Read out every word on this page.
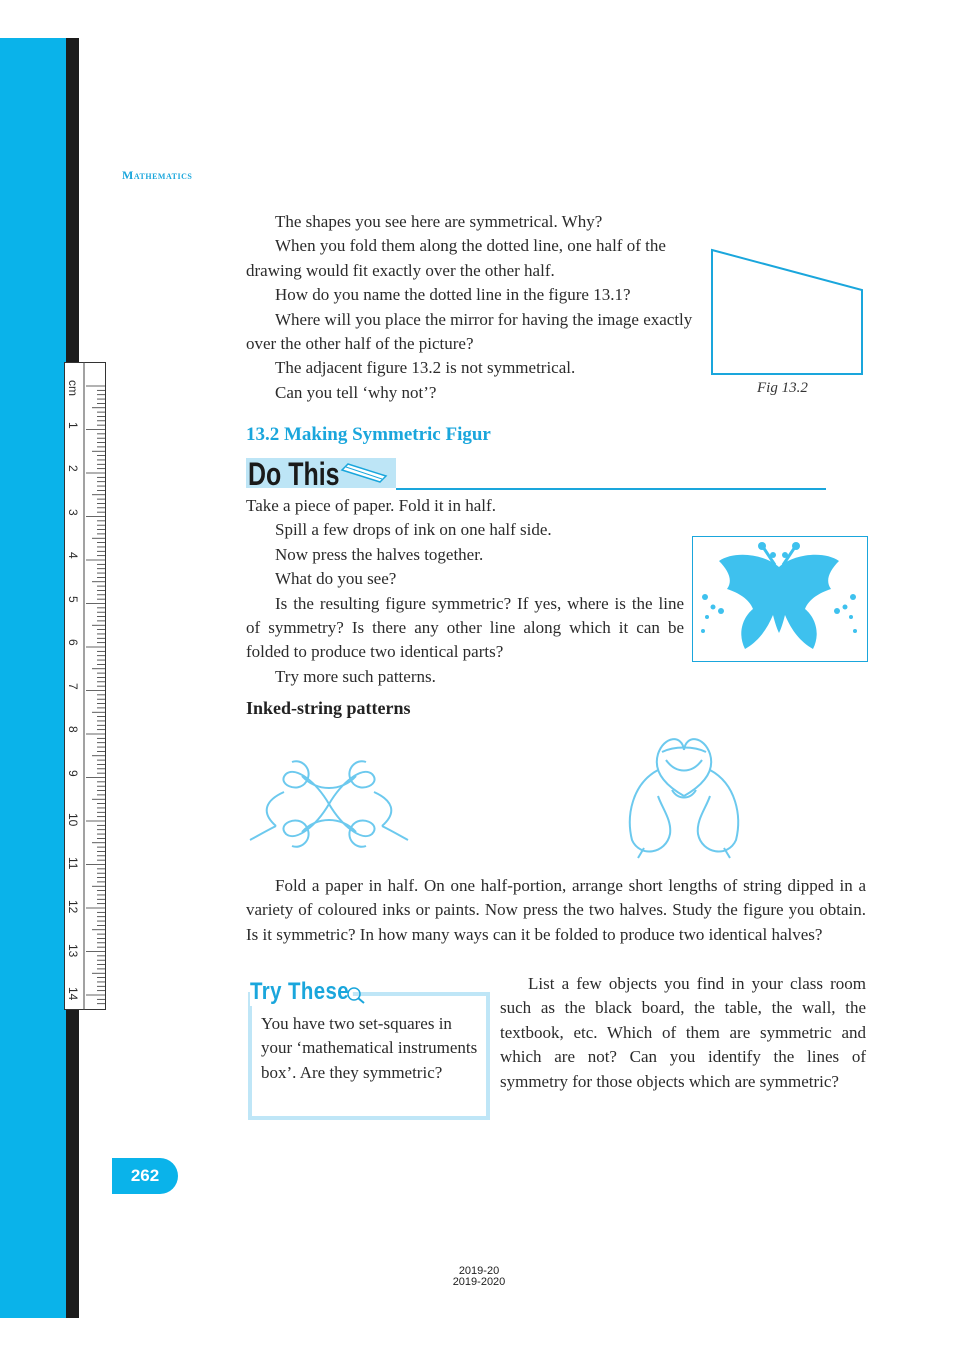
cm
1
2
3
4
5
6
7
8
9
10
11
12
13
14
Mathematics
The shapes you see here are symmetrical. Why?
When you fold them along the dotted line, one half of the drawing would fit exactly over the other half.
How do you name the dotted line in the figure 13.1?
Where will you place the mirror for having the image exactly over the other half of the picture?
The adjacent figure 13.2 is not symmetrical.
Can you tell ‘why not’?	Fig 13.2
13.2 Making Symmetric Figur
Do This
Take a piece of paper. Fold it in half.
Spill a few drops of ink on one half side.
Now press the halves together.
What do you see?
Is the resulting figure symmetric? If yes, where is the line of symmetry? Is there any other line along which it can be folded to produce two identical parts?
Try more such patterns.
Inked-string patterns
Fold a paper in half. On one half-portion, arrange short lengths of string dipped in a variety of coloured inks or paints. Now press the two halves. Study the figure you obtain. Is it symmetric? In how many ways can it be folded to produce two identical halves?
Try These
You have two set-squares in your ‘mathematical instruments box’. Are they symmetric?
List a few objects you find in your class room such as the black board, the table, the wall, the textbook, etc. Which of them are symmetric and which are not? Can you identify the lines of symmetry for those objects which are symmetric?
262
2019-20
2019-2020
